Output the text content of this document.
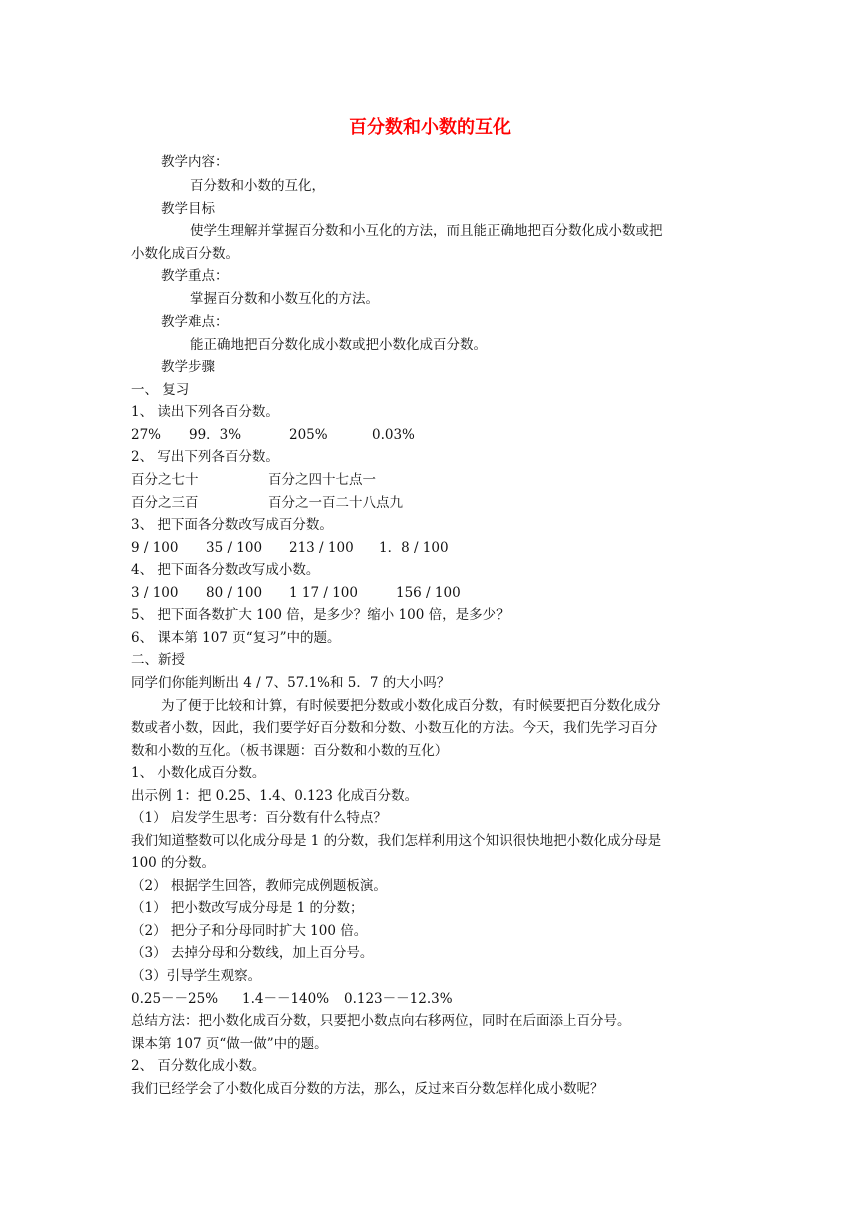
百分数和小数的互化
教学内容：
百分数和小数的互化，
教学目标
使学生理解并掌握百分数和小互化的方法，而且能正确地把百分数化成小数或把
小数化成百分数。
教学重点：
掌握百分数和小数互化的方法。
教学难点：
能正确地把百分数化成小数或把小数化成百分数。
教学步骤
一、 复习
1、 读出下列各百分数。
27% 99．3%	205%	0.03%
2、 写出下列各百分数。
百分之七十	百分之四十七点一
百分之三百	百分之一百二十八点九
3、 把下面各分数改写成百分数。
9 / 100 35 / 100 213 / 100 1．8 / 100
4、 把下面各分数改写成小数。
3 / 100 80 / 100 1 17 / 100	156 / 100
5、 把下面各数扩大 100 倍，是多少？缩小 100 倍，是多少？
6、 课本第 107 页“复习”中的题。
二、新授
同学们你能判断出 4 / 7、57.1%和 5．7 的大小吗？
为了便于比较和计算，有时候要把分数或小数化成百分数，有时候要把百分数化成分
数或者小数，因此，我们要学好百分数和分数、小数互化的方法。今天，我们先学习百分
数和小数的互化。（板书课题：百分数和小数的互化）
1、 小数化成百分数。
出示例 1：把 0.25、1.4、0.123 化成百分数。
（1） 启发学生思考：百分数有什么特点？
我们知道整数可以化成分母是 1 的分数，我们怎样利用这个知识很快地把小数化成分母是
100 的分数。
（2） 根据学生回答，教师完成例题板演。
（1） 把小数改写成分母是 1 的分数；
（2） 把分子和分母同时扩大 100 倍。
（3） 去掉分母和分数线，加上百分号。
（3）引导学生观察。
0.25－－25% 1.4－－140% 0.123－－12.3%
总结方法：把小数化成百分数，只要把小数点向右移两位，同时在后面添上百分号。
课本第 107 页“做一做”中的题。
2、 百分数化成小数。
我们已经学会了小数化成百分数的方法，那么，反过来百分数怎样化成小数呢？
